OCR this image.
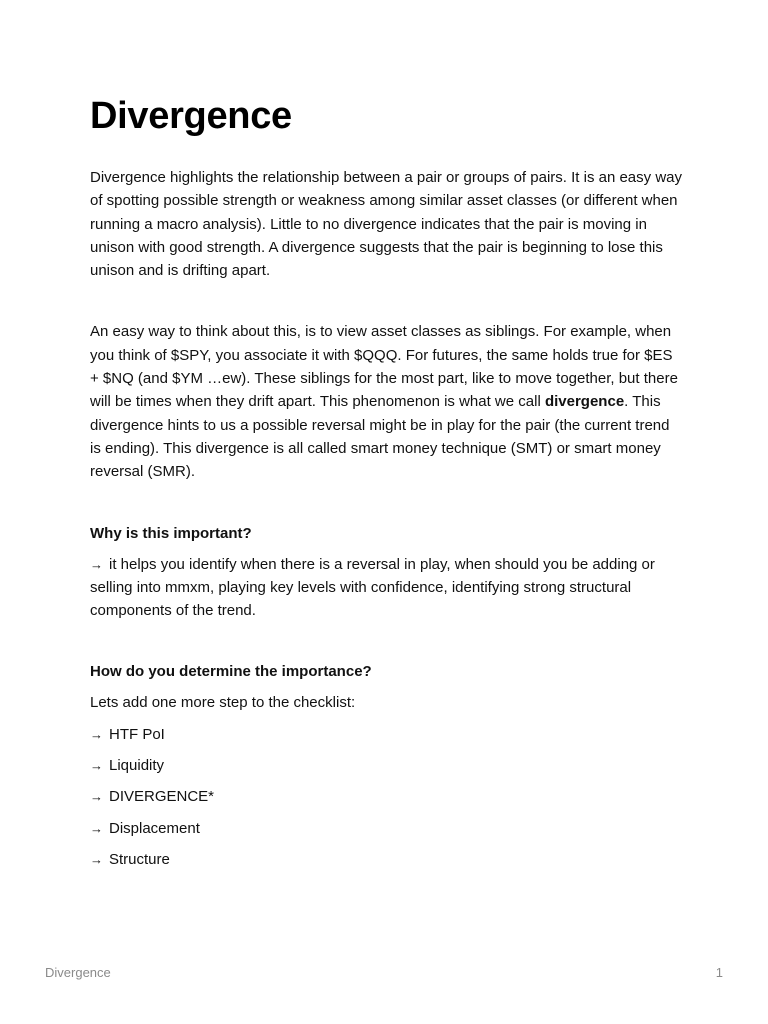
Divergence

Divergence highlights the relationship between a pair or groups of pairs. It is an easy way of spotting possible strength or weakness among similar asset classes (or different when running a macro analysis). Little to no divergence indicates that the pair is moving in unison with good strength. A divergence suggests that the pair is beginning to lose this unison and is drifting apart.

An easy way to think about this, is to view asset classes as siblings. For example, when you think of $SPY, you associate it with $QQQ. For futures, the same holds true for $ES + $NQ (and $YM …ew). These siblings for the most part, like to move together, but there will be times when they drift apart. This phenomenon is what we call divergence. This divergence hints to us a possible reversal might be in play for the pair (the current trend is ending). This divergence is all called smart money technique (SMT) or smart money reversal (SMR).

Why is this important?

→ it helps you identify when there is a reversal in play, when should you be adding or selling into mmxm, playing key levels with confidence, identifying strong structural components of the trend.

How do you determine the importance?

Lets add one more step to the checklist:

→ HTF PoI

→ Liquidity

→ DIVERGENCE*

→ Displacement

→ Structure

Divergence	1
